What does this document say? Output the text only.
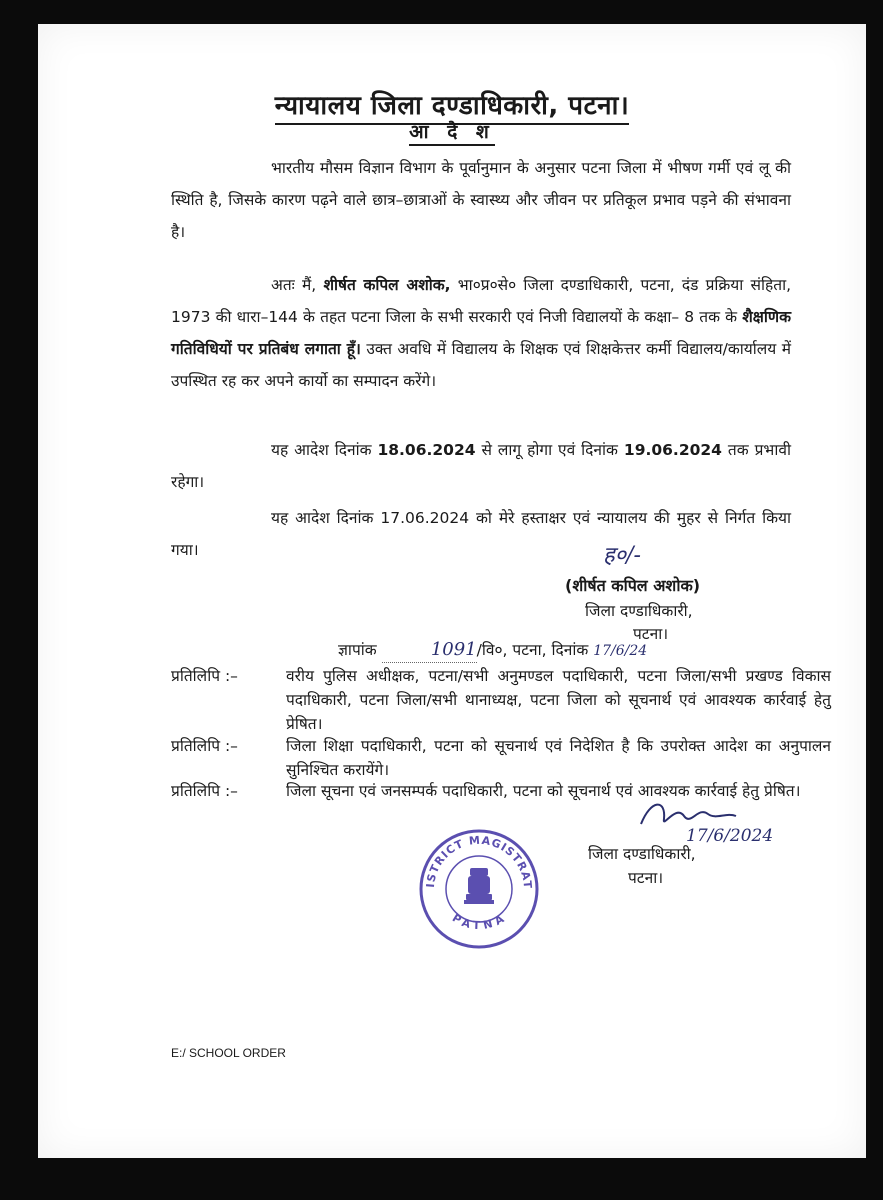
न्यायालय जिला दण्डाधिकारी, पटना।
आ दे श
भारतीय मौसम विज्ञान विभाग के पूर्वानुमान के अनुसार पटना जिला में भीषण गर्मी एवं लू की स्थिति है, जिसके कारण पढ़ने वाले छात्र–छात्राओं के स्वास्थ्य और जीवन पर प्रतिकूल प्रभाव पड़ने की संभावना है।
अतः मैं, शीर्षत कपिल अशोक, भा०प्र०से० जिला दण्डाधिकारी, पटना, दंड प्रक्रिया संहिता, 1973 की धारा–144 के तहत पटना जिला के सभी सरकारी एवं निजी विद्यालयों के कक्षा– 8 तक के शैक्षणिक गतिविधियों पर प्रतिबंध लगाता हूँ। उक्त अवधि में विद्यालय के शिक्षक एवं शिक्षकेत्तर कर्मी विद्यालय/कार्यालय में उपस्थित रह कर अपने कार्यो का सम्पादन करेंगे।
यह आदेश दिनांक 18.06.2024 से लागू होगा एवं दिनांक 19.06.2024 तक प्रभावी रहेगा।
यह आदेश दिनांक 17.06.2024 को मेरे हस्ताक्षर एवं न्यायालय की मुहर से निर्गत किया गया।	ह०/-
(शीर्षत कपिल अशोक)
जिला दण्डाधिकारी,
पटना।
ज्ञापांक	1091/वि०, पटना, दिनांक 17/6/24
प्रतिलिपि :–	वरीय पुलिस अधीक्षक, पटना/सभी अनुमण्डल पदाधिकारी, पटना जिला/सभी प्रखण्ड विकास पदाधिकारी, पटना जिला/सभी थानाध्यक्ष, पटना जिला को सूचनार्थ एवं आवश्यक कार्रवाई हेतु प्रेषित।
प्रतिलिपि :–	जिला शिक्षा पदाधिकारी, पटना को सूचनार्थ एवं निदेशित है कि उपरोक्त आदेश का अनुपालन सुनिश्चित करायेंगे।
प्रतिलिपि :–	जिला सूचना एवं जनसम्पर्क पदाधिकारी, पटना को सूचनार्थ एवं आवश्यक कार्रवाई हेतु प्रेषित।
17/6/2024
जिला दण्डाधिकारी,
पटना।
DISTRICT MAGISTRATE
PATNA
E:/ SCHOOL ORDER
